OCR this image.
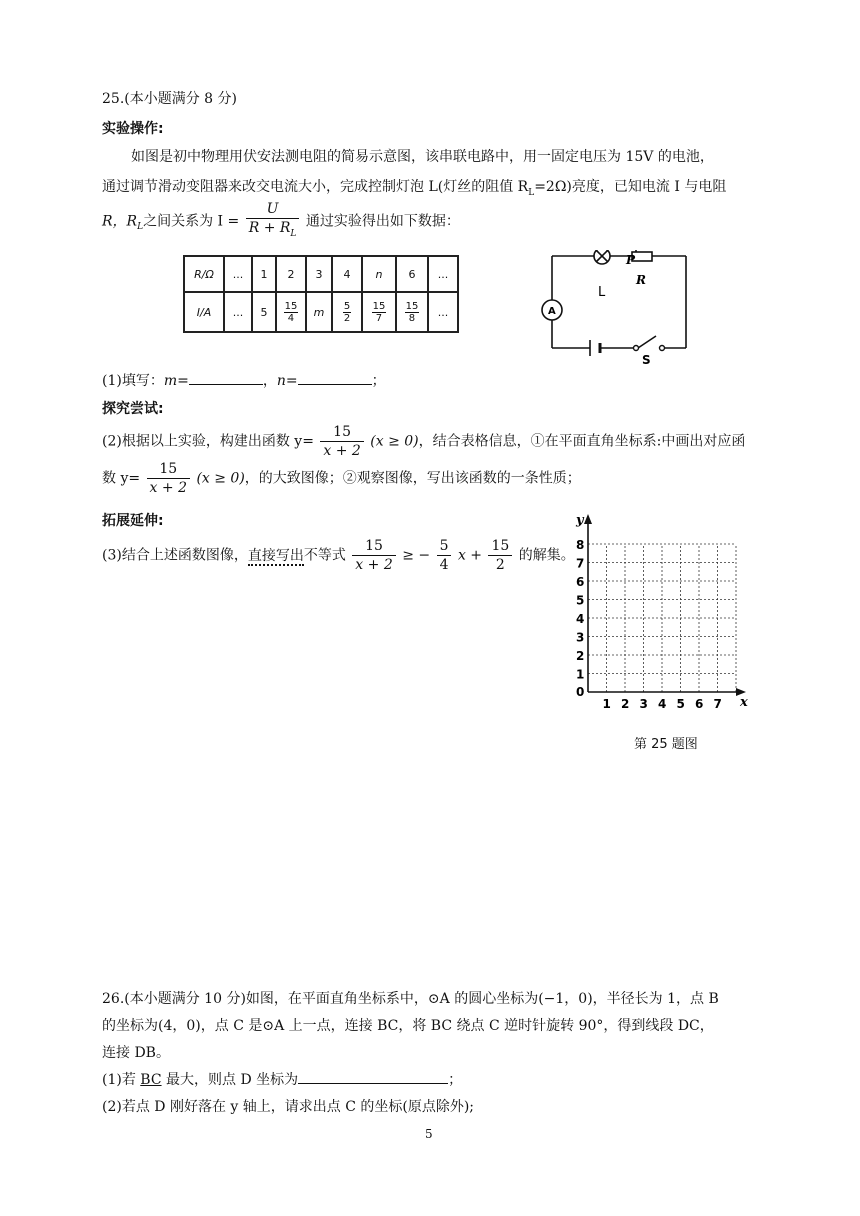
25.(本小题满分 8 分)
实验操作:
如图是初中物理用伏安法测电阻的简易示意图，该串联电路中，用一固定电压为 15V 的电池，
通过调节滑动变阻器来改交电流大小，完成控制灯泡 L(灯丝的阻值 $R_L=2\Omega$)亮度，已知电流 I 与电阻
R，$R_L$之间关系为 $I = \frac{U}{R + R_L}$ 通过实验得出如下数据：
R/Ω	...	1	2	3	4	n	6	...
I/A	...	5	$\frac{15}{4}$	m	$\frac{5}{2}$	$\frac{15}{7}$	$\frac{15}{8}$	...
P
L
R
A
S
(1)填写：m=	，n=	；
探究尝试:
(2)根据以上实验，构建出函数 $y= \frac{15}{x + 2} (x \ge 0)$，结合表格信息，①在平面直角坐标系:中画出对应函
数 $y= \frac{15}{x + 2} (x \ge 0)$，的大致图像；②观察图像，写出该函数的一条性质；
拓展延伸:
(3)结合上述函数图像，直接写出不等式 $\frac{15}{x + 2}$ ≥ − $\frac{5}{4}$ $x + \frac{15}{2}$ 的解集。
y
x
0
1 2 3 4 5 6 7
1
2
3
4
5
6
7
8
第 25 题图
26.(本小题满分 10 分)如图，在平面直角坐标系中，⊙A 的圆心坐标为(−1，0)，半径长为 1，点 B
的坐标为(4，0)，点 C 是⊙A 上一点，连接 BC，将 BC 绕点 C 逆时针旋转 90°，得到线段 DC，
连接 DB。
(1)若 BC 最大，则点 D 坐标为	；
(2)若点 D 刚好落在 y 轴上，请求出点 C 的坐标(原点除外);
5
